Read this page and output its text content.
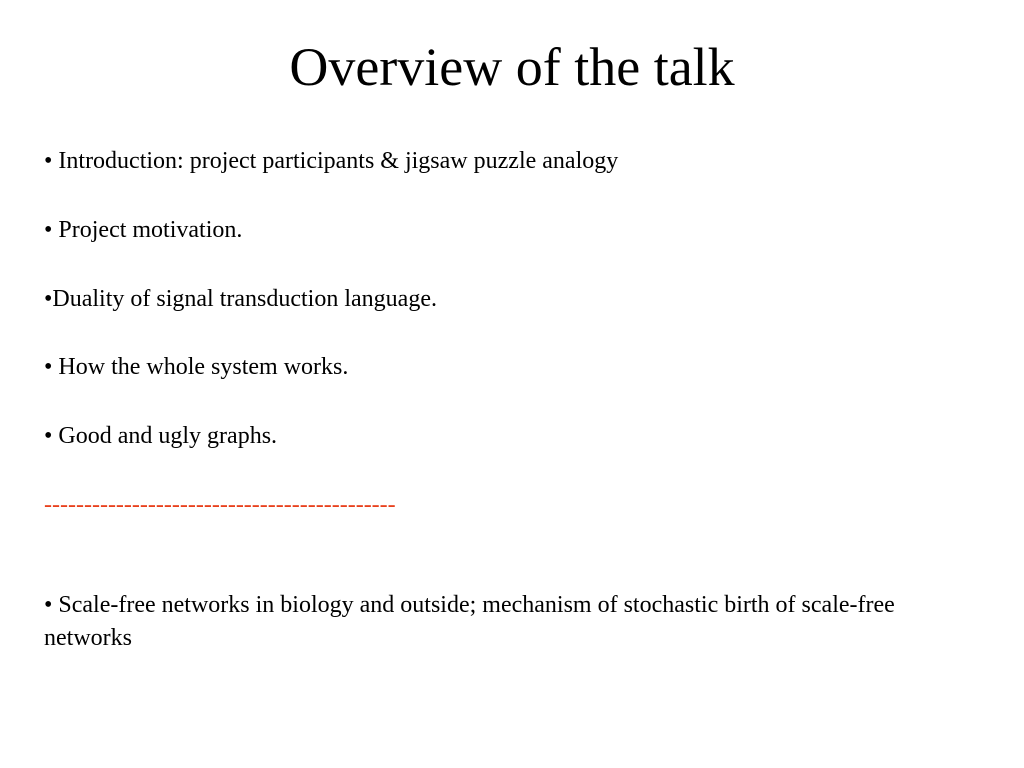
Overview of the talk
• Introduction: project participants & jigsaw puzzle analogy
• Project motivation.
•Duality of signal transduction language.
• How the whole system works.
• Good and ugly graphs.
--------------------------------------------
• Scale-free networks in biology and outside; mechanism of stochastic birth of scale-free networks
